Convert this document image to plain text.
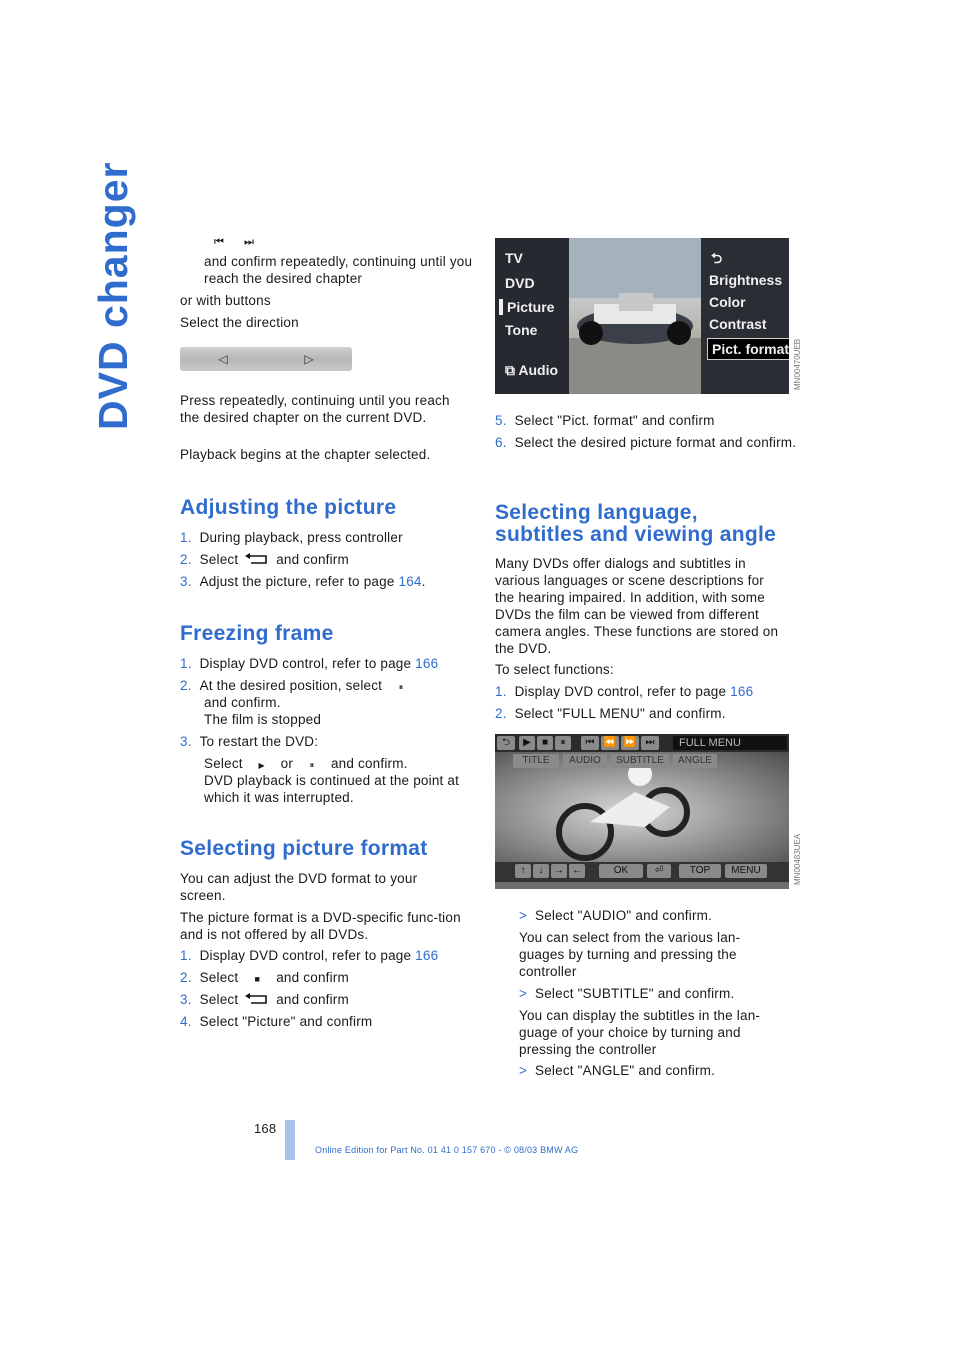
DVD changer	⏮ ⏭
and confirm repeatedly, continuing until you reach the desired chapter
or with buttons
Select the direction
◁	▷
Press repeatedly, continuing until you reach the desired chapter on the current DVD.
Playback begins at the chapter selected.
Adjusting the picture
1. During playback, press controller
2. Select	and confirm
3. Adjust the picture, refer to page 164.
Freezing frame
1. Display DVD control, refer to page 166
2. At the desired position, select ⏸
and confirm.
The film is stopped
3. To restart the DVD:
Select ▶ or ⏸ and confirm.
DVD playback is continued at the point at which it was interrupted.
Selecting picture format
You can adjust the DVD format to your screen.
The picture format is a DVD-specific func-tion and is not offered by all DVDs.
1. Display DVD control, refer to page 166
2. Select ■ and confirm
3. Select	and confirm
4. Select "Picture" and confirm
TV
DVD
Picture
Tone
⧉ Audio
⮌
Brightness
Color
Contrast
Pict. format MN00470UEB
5. Select "Pict. format" and confirm
6. Select the desired picture format and confirm.
Selecting language,
subtitles and viewing angle
Many DVDs offer dialogs and subtitles in various languages or scene descriptions for the hearing impaired. In addition, with some DVDs the film can be viewed from different camera angles. These functions are stored on the DVD.
To select functions:
1. Display DVD control, refer to page 166
2. Select "FULL MENU" and confirm.
⮌	▶	■	⏸	⏮ ⏪ ⏩ ⏭	FULL MENU
TITLE	AUDIO	SUBTITLE	ANGLE
↑	↓	→ ←	OK	⏎	TOP	MENU	MN00483UEA
> Select "AUDIO" and confirm.
You can select from the various lan-guages by turning and pressing the controller
> Select "SUBTITLE" and confirm.
You can display the subtitles in the lan-guage of your choice by turning and pressing the controller
> Select "ANGLE" and confirm.
168
Online Edition for Part No. 01 41 0 157 670 - © 08/03 BMW AG
